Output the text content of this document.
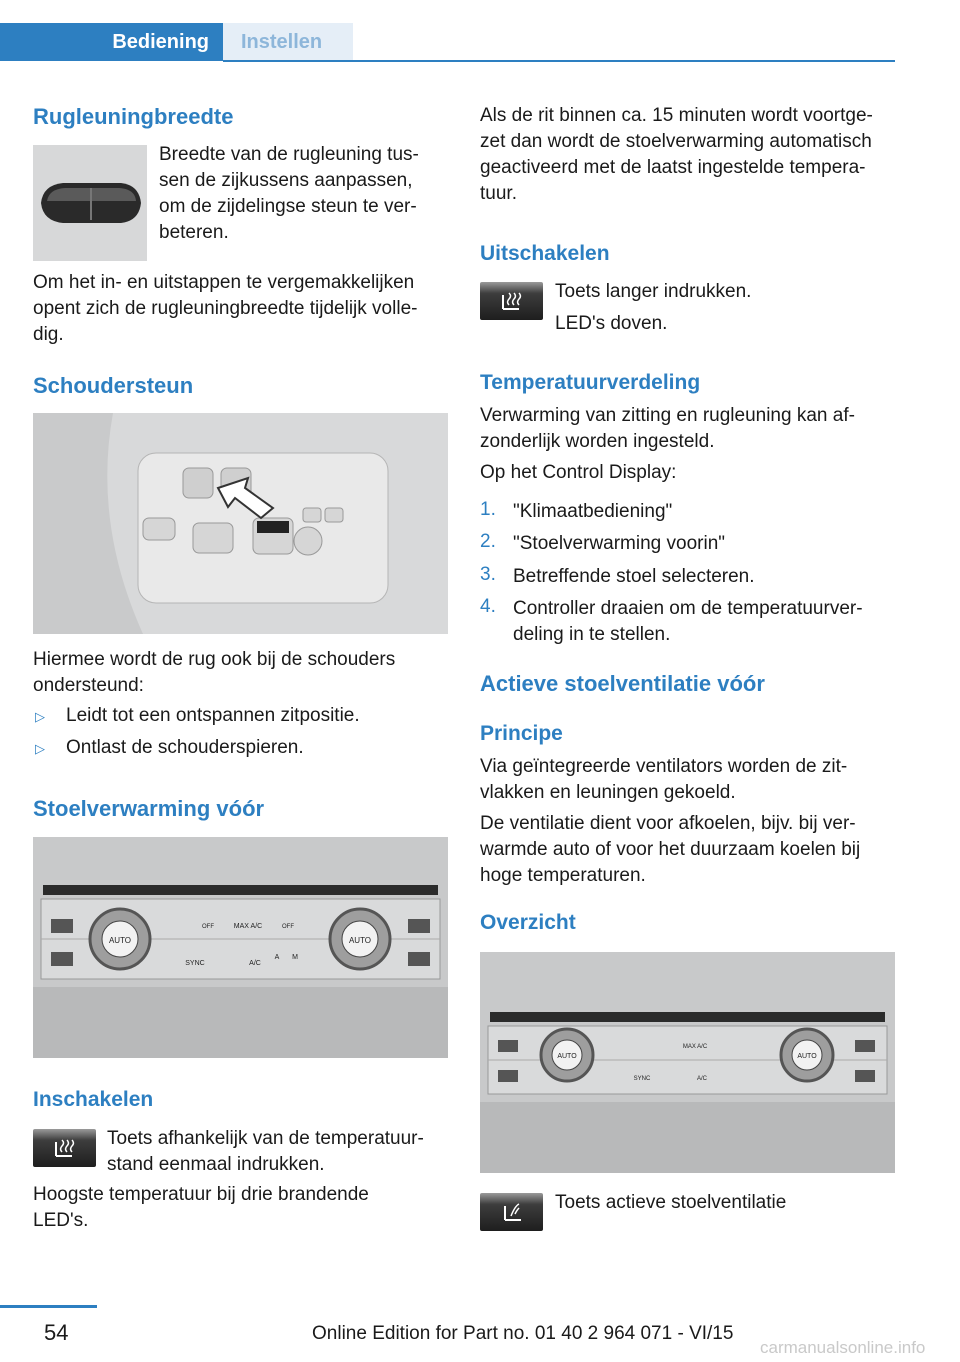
Bediening	Instellen
Rugleuningbreedte
Breedte van de rugleuning tus-
sen de zijkussens aanpassen,
om de zijdelingse steun te ver-
beteren.
Om het in- en uitstappen te vergemakkelijken
opent zich de rugleuningbreedte tijdelijk volle-
dig.
Schoudersteun
Hiermee wordt de rug ook bij de schouders
ondersteund:
▷ Leidt tot een ontspannen zitpositie.
▷ Ontlast de schouderspieren.
Stoelverwarming vóór
AUTO	AUTO
MAX A/C
OFF	OFF
SYNC	A/C
A M
Inschakelen
Toets afhankelijk van de temperatuur-
stand eenmaal indrukken.
Hoogste temperatuur bij drie brandende
LED's.
Als de rit binnen ca. 15 minuten wordt voortge-
zet dan wordt de stoelverwarming automatisch
geactiveerd met de laatst ingestelde tempera-
tuur.
Uitschakelen
Toets langer indrukken.
LED's doven.
Temperatuurverdeling
Verwarming van zitting en rugleuning kan af-
zonderlijk worden ingesteld.
Op het Control Display:
1. "Klimaatbediening"
2. "Stoelverwarming voorin"
3. Betreffende stoel selecteren.
4. Controller draaien om de temperatuurver-
deling in te stellen.
Actieve stoelventilatie vóór
Principe
Via geïntegreerde ventilators worden de zit-
vlakken en leuningen gekoeld.
De ventilatie dient voor afkoelen, bijv. bij ver-
warmde auto of voor het duurzaam koelen bij
hoge temperaturen.
Overzicht
AUTO	AUTO
MAX A/C
SYNC	A/C
Toets actieve stoelventilatie
54	Online Edition for Part no. 01 40 2 964 071 - VI/15
carmanualsonline.info
